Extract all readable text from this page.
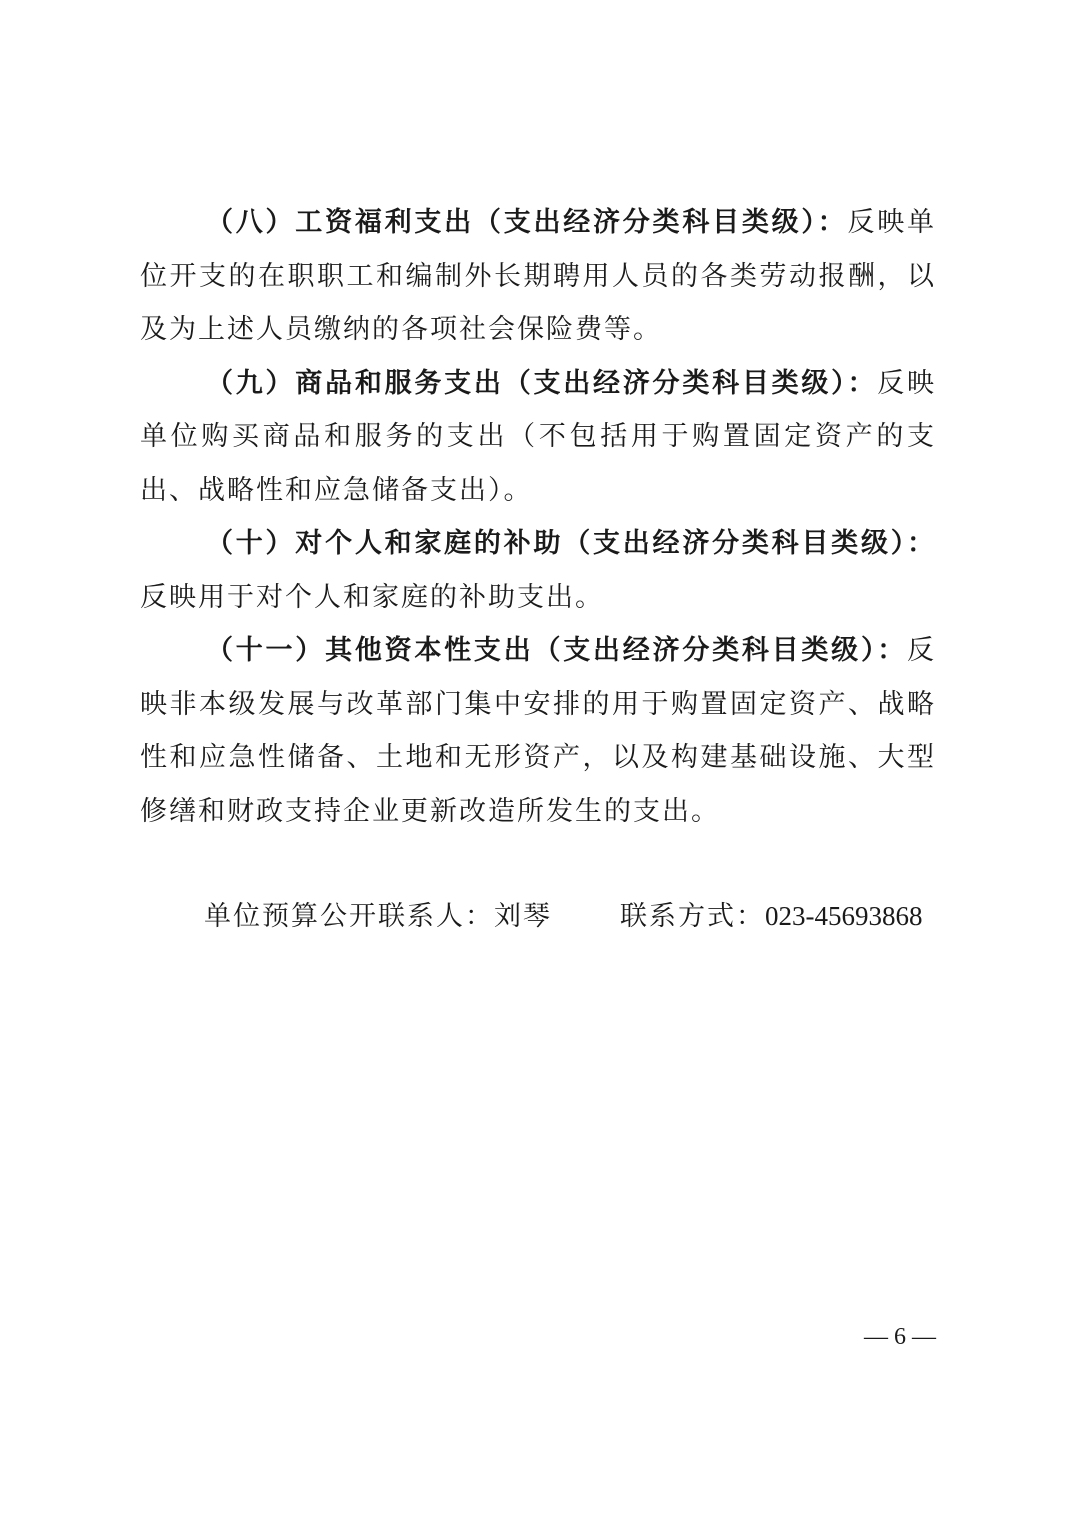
（八）工资福利支出（支出经济分类科目类级）：反映单位开支的在职职工和编制外长期聘用人员的各类劳动报酬，以及为上述人员缴纳的各项社会保险费等。

（九）商品和服务支出（支出经济分类科目类级）：反映单位购买商品和服务的支出（不包括用于购置固定资产的支出、战略性和应急储备支出）。

（十）对个人和家庭的补助（支出经济分类科目类级）：反映用于对个人和家庭的补助支出。

（十一）其他资本性支出（支出经济分类科目类级）：反映非本级发展与改革部门集中安排的用于购置固定资产、战略性和应急性储备、土地和无形资产，以及构建基础设施、大型修缮和财政支持企业更新改造所发生的支出。

单位预算公开联系人：刘琴	联系方式：023-45693868
— 6 —
